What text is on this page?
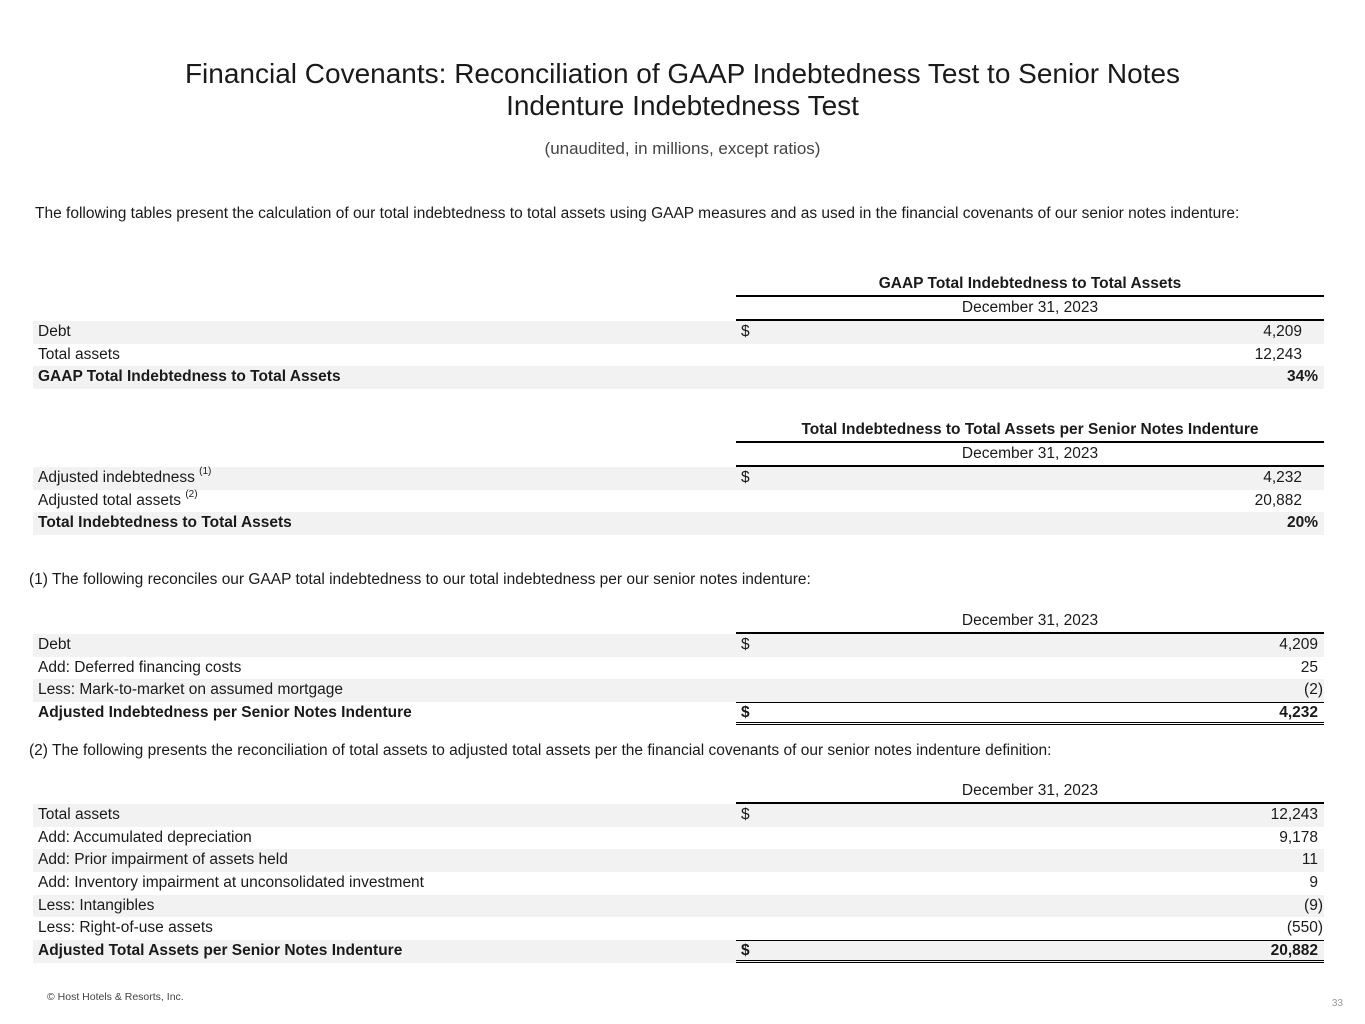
Financial Covenants: Reconciliation of GAAP Indebtedness Test to Senior Notes
Indenture Indebtedness Test
(unaudited, in millions, except ratios)
The following tables present the calculation of our total indebtedness to total assets using GAAP measures and as used in the financial covenants of our senior notes indenture:
GAAP Total Indebtedness to Total Assets
December 31, 2023
Debt	$	4,209
Total assets	12,243
GAAP Total Indebtedness to Total Assets	34%
Total Indebtedness to Total Assets per Senior Notes Indenture
December 31, 2023
Adjusted indebtedness $^{(1)}$	$	4,232
Adjusted total assets $^{(2)}$	20,882
Total Indebtedness to Total Assets	20%
(1) The following reconciles our GAAP total indebtedness to our total indebtedness per our senior notes indenture:
December 31, 2023
Debt	$	4,209
Add: Deferred financing costs	25
Less: Mark-to-market on assumed mortgage	(2)
Adjusted Indebtedness per Senior Notes Indenture	$	4,232
(2) The following presents the reconciliation of total assets to adjusted total assets per the financial covenants of our senior notes indenture definition:
December 31, 2023
Total assets	$	12,243
Add: Accumulated depreciation	9,178
Add: Prior impairment of assets held	11
Add: Inventory impairment at unconsolidated investment	9
Less: Intangibles	(9)
Less: Right-of-use assets	(550)
Adjusted Total Assets per Senior Notes Indenture	$	20,882
© Host Hotels & Resorts, Inc.
33
